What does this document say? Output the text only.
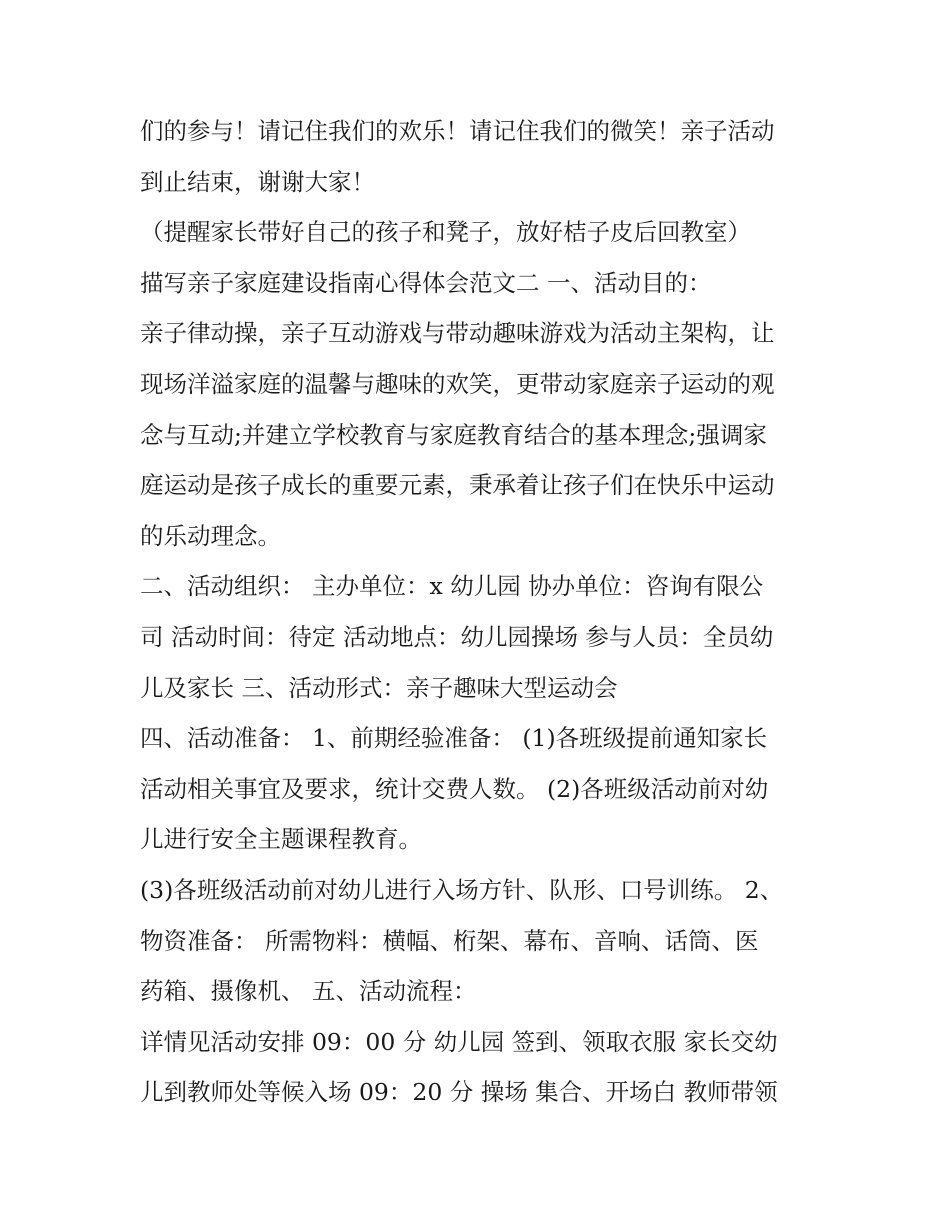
们的参与！请记住我们的欢乐！请记住我们的微笑！亲子活动

到止结束，谢谢大家！

（提醒家长带好自己的孩子和凳子，放好桔子皮后回教室）

描写亲子家庭建设指南心得体会范文二 一、活动目的：

亲子律动操，亲子互动游戏与带动趣味游戏为活动主架构，让

现场洋溢家庭的温馨与趣味的欢笑，更带动家庭亲子运动的观

念与互动;并建立学校教育与家庭教育结合的基本理念;强调家

庭运动是孩子成长的重要元素，秉承着让孩子们在快乐中运动

的乐动理念。

二、活动组织： 主办单位：x 幼儿园 协办单位：咨询有限公

司 活动时间：待定 活动地点：幼儿园操场 参与人员：全员幼

儿及家长 三、活动形式：亲子趣味大型运动会

四、活动准备： 1、前期经验准备： (1)各班级提前通知家长

活动相关事宜及要求，统计交费人数。 (2)各班级活动前对幼

儿进行安全主题课程教育。

(3)各班级活动前对幼儿进行入场方针、队形、口号训练。 2、

物资准备： 所需物料：横幅、桁架、幕布、音响、话筒、医

药箱、摄像机、 五、活动流程：

详情见活动安排 09：00 分 幼儿园 签到、领取衣服 家长交幼

儿到教师处等候入场 09：20 分 操场 集合、开场白 教师带领
